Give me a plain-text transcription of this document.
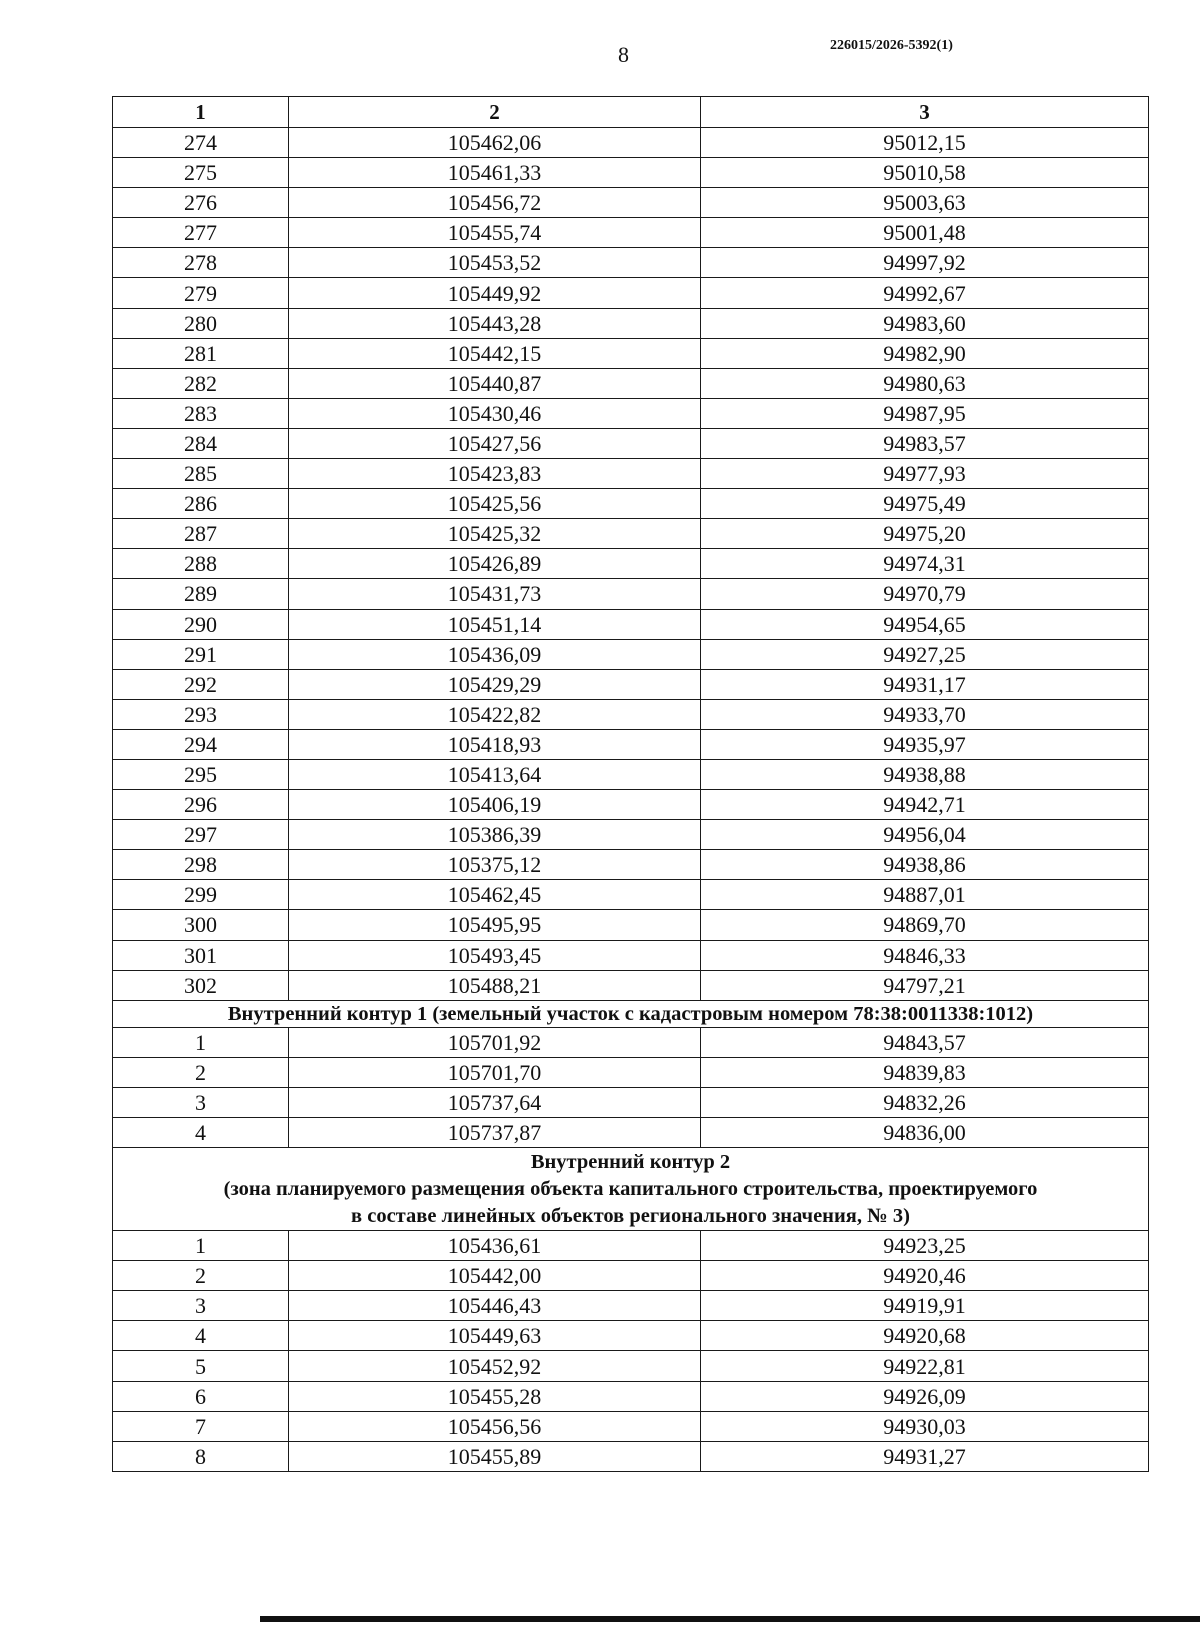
8	226015/2026-5392(1)
1	2	3
274	105462,06	95012,15
275	105461,33	95010,58
276	105456,72	95003,63
277	105455,74	95001,48
278	105453,52	94997,92
279	105449,92	94992,67
280	105443,28	94983,60
281	105442,15	94982,90
282	105440,87	94980,63
283	105430,46	94987,95
284	105427,56	94983,57
285	105423,83	94977,93
286	105425,56	94975,49
287	105425,32	94975,20
288	105426,89	94974,31
289	105431,73	94970,79
290	105451,14	94954,65
291	105436,09	94927,25
292	105429,29	94931,17
293	105422,82	94933,70
294	105418,93	94935,97
295	105413,64	94938,88
296	105406,19	94942,71
297	105386,39	94956,04
298	105375,12	94938,86
299	105462,45	94887,01
300	105495,95	94869,70
301	105493,45	94846,33
302	105488,21	94797,21
Внутренний контур 1 (земельный участок с кадастровым номером 78:38:0011338:1012)		
1	105701,92	94843,57
2	105701,70	94839,83
3	105737,64	94832,26
4	105737,87	94836,00

Внутренний контур 2
(зона планируемого размещения объекта капитального строительства, проектируемого
в составе линейных объектов регионального значения, № 3)		

1	105436,61	94923,25
2	105442,00	94920,46
3	105446,43	94919,91
4	105449,63	94920,68
5	105452,92	94922,81
6	105455,28	94926,09
7	105456,56	94930,03
8	105455,89	94931,27
